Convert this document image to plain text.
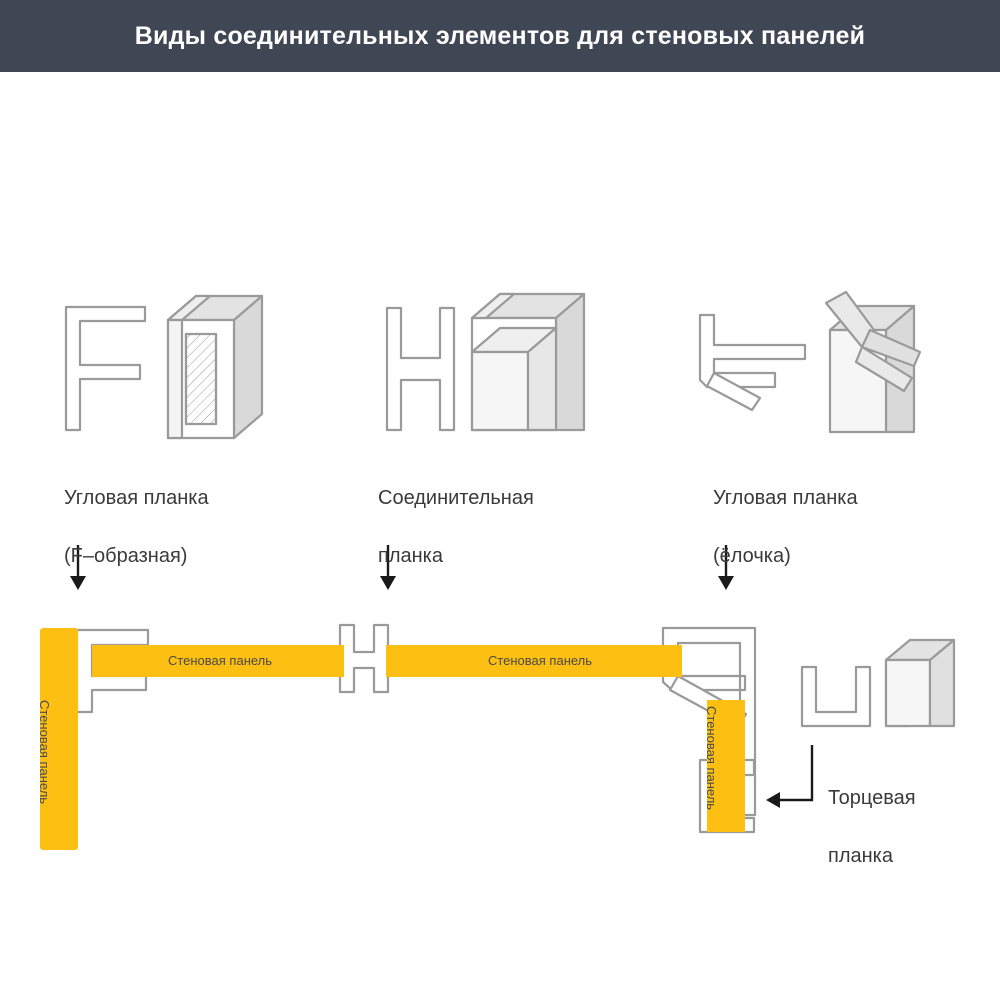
Виды соединительных элементов для стеновых панелей

Угловая планка

(F–образная)

Соединительная

планка

Угловая планка

(ёлочка)

Торцевая

планка

Стеновая панель	Стеновая панель
Стеновая панель	Стеновая панель
